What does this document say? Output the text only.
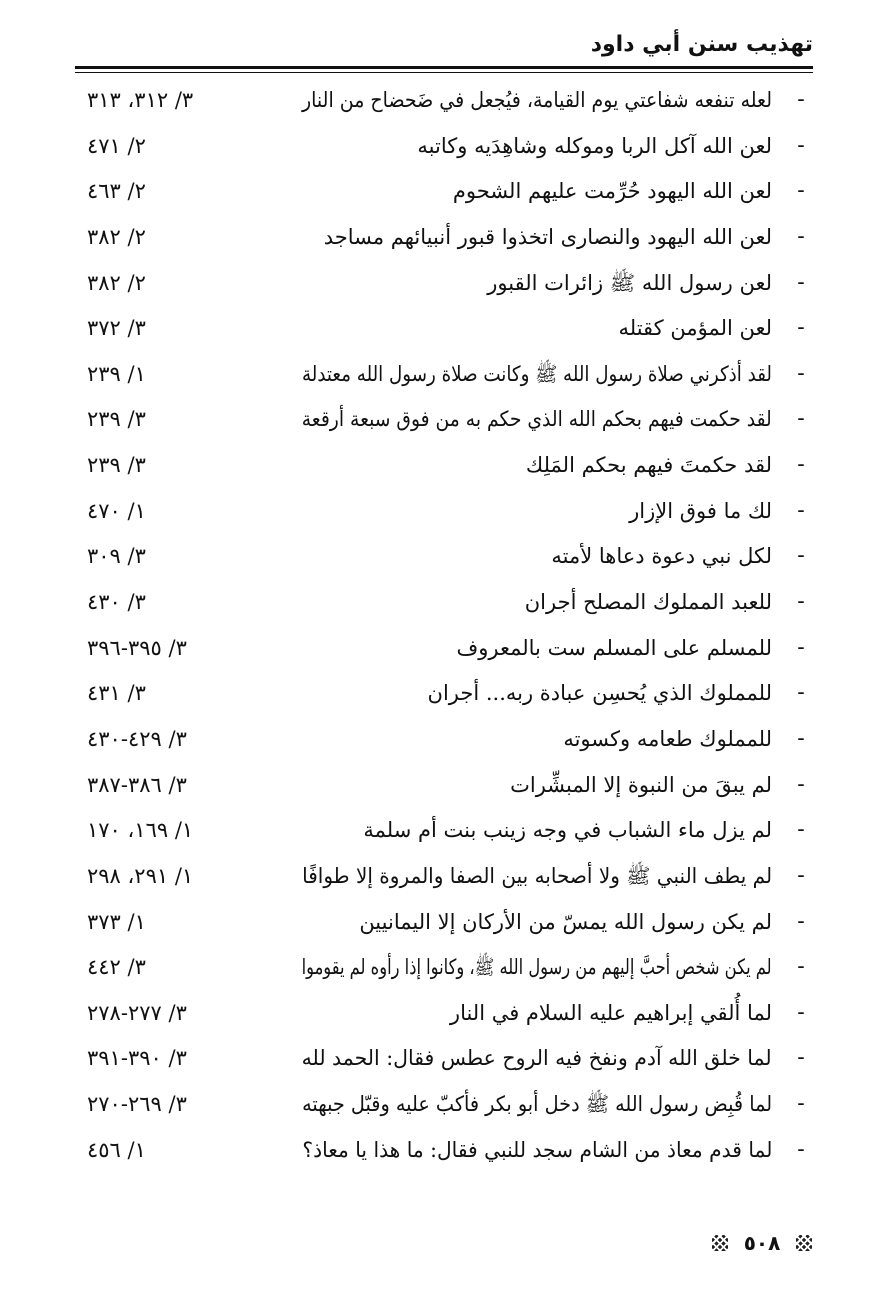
تهذيب سنن أبي داود
-
لعله تنفعه شفاعتي يوم القيامة، فيُجعل في ضَحضاح من النار
٣/ ٣١٢، ٣١٣
-
لعن الله آكل الربا وموكله وشاهِدَيه وكاتبه
٢/ ٤٧١
-
لعن الله اليهود حُرِّمت عليهم الشحوم
٢/ ٤٦٣
-
لعن الله اليهود والنصارى اتخذوا قبور أنبيائهم مساجد
٢/ ٣٨٢
-
لعن رسول الله ﷺ زائرات القبور
٢/ ٣٨٢
-
لعن المؤمن كقتله
٣/ ٣٧٢
-
لقد أذكرني صلاة رسول الله ﷺ وكانت صلاة رسول الله معتدلة
١/ ٢٣٩
-
لقد حكمت فيهم بحكم الله الذي حكم به من فوق سبعة أرقعة
٣/ ٢٣٩
-
لقد حكمتَ فيهم بحكم المَلِك
٣/ ٢٣٩
-
لك ما فوق الإزار
١/ ٤٧٠
-
لكل نبي دعوة دعاها لأمته
٣/ ٣٠٩
-
للعبد المملوك المصلح أجران
٣/ ٤٣٠
-
للمسلم على المسلم ست بالمعروف
٣/ ٣٩٥-٣٩٦
-
للمملوك الذي يُحسِن عبادة ربه... أجران
٣/ ٤٣١
-
للمملوك طعامه وكسوته
٣/ ٤٢٩-٤٣٠
-
لم يبقَ من النبوة إلا المبشِّرات
٣/ ٣٨٦-٣٨٧
-
لم يزل ماء الشباب في وجه زينب بنت أم سلمة
١/ ١٦٩، ١٧٠
-
لم يطف النبي ﷺ ولا أصحابه بين الصفا والمروة إلا طوافًا
١/ ٢٩١، ٢٩٨
-
لم يكن رسول الله يمسّ من الأركان إلا اليمانيين
١/ ٣٧٣
-
لم يكن شخص أحبَّ إليهم من رسول الله ﷺ، وكانوا إذا رأوه لم يقوموا
٣/ ٤٤٢
-
لما أُلقي إبراهيم عليه السلام في النار
٣/ ٢٧٧-٢٧٨
-
لما خلق الله آدم ونفخ فيه الروح عطس فقال: الحمد لله
٣/ ٣٩٠-٣٩١
-
لما قُبِض رسول الله ﷺ دخل أبو بكر فأكبّ عليه وقبّل جبهته
٣/ ٢٦٩-٢٧٠
-
لما قدم معاذ من الشام سجد للنبي فقال: ما هذا يا معاذ؟
١/ ٤٥٦
٥٠٨
